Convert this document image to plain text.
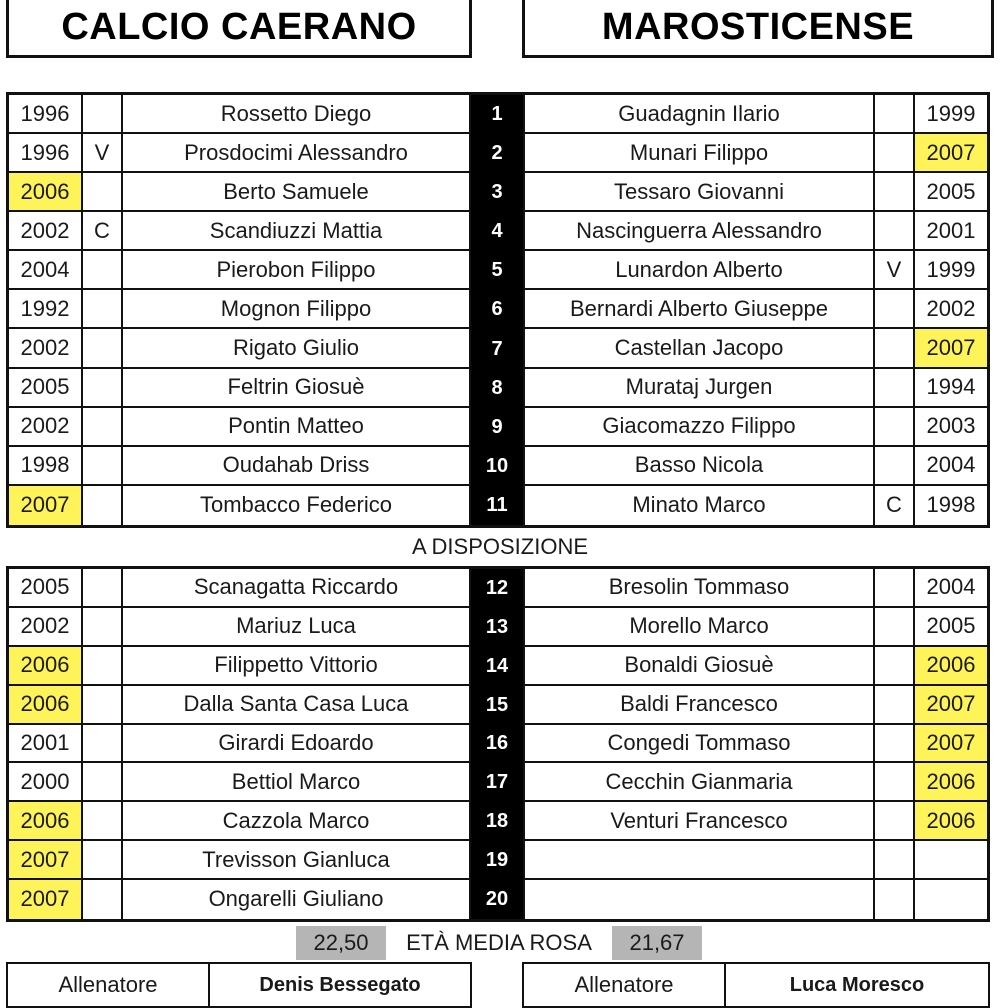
CALCIO CAERANO	MAROSTICENSE
1996	Rossetto Diego	1	Guadagnin Ilario	1999
1996	V	Prosdocimi Alessandro	2	Munari Filippo	2007
2006	Berto Samuele	3	Tessaro Giovanni	2005
2002	C	Scandiuzzi Mattia	4	Nascinguerra Alessandro	2001
2004	Pierobon Filippo	5	Lunardon Alberto	V	1999
1992	Mognon Filippo	6	Bernardi Alberto Giuseppe	2002
2002	Rigato Giulio	7	Castellan Jacopo	2007
2005	Feltrin Giosuè	8	Murataj Jurgen	1994
2002	Pontin Matteo	9	Giacomazzo Filippo	2003
1998	Oudahab Driss	10	Basso Nicola	2004
2007	Tombacco Federico	11	Minato Marco	C	1998
A DISPOSIZIONE
2005	Scanagatta Riccardo	12	Bresolin Tommaso	2004
2002	Mariuz Luca	13	Morello Marco	2005
2006	Filippetto Vittorio	14	Bonaldi Giosuè	2006
2006	Dalla Santa Casa Luca	15	Baldi Francesco	2007
2001	Girardi Edoardo	16	Congedi Tommaso	2007
2000	Bettiol Marco	17	Cecchin Gianmaria	2006
2006	Cazzola Marco	18	Venturi Francesco	2006
2007	Trevisson Gianluca	19
2007	Ongarelli Giuliano	20
22,50	ETÀ MEDIA ROSA	21,67
Allenatore	Denis Bessegato	Allenatore	Luca Moresco
